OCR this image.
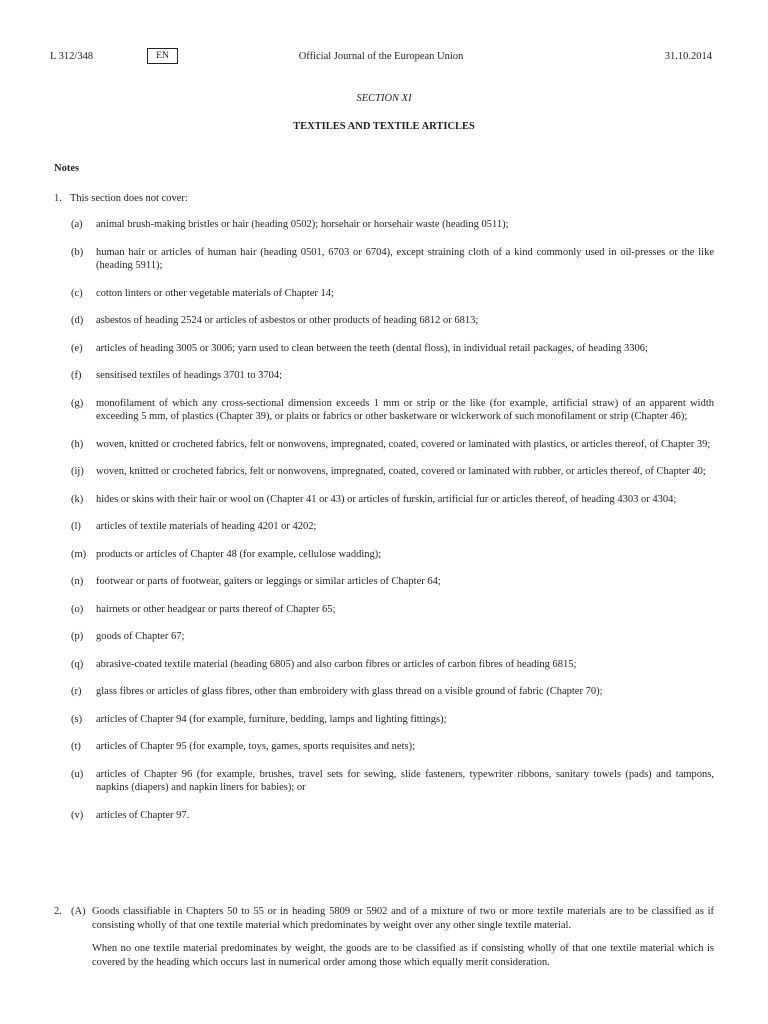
L 312/348	EN	Official Journal of the European Union	31.10.2014
SECTION XI
TEXTILES AND TEXTILE ARTICLES
Notes
1. This section does not cover:
(a) animal brush-making bristles or hair (heading 0502); horsehair or horsehair waste (heading 0511);
(b) human hair or articles of human hair (heading 0501, 6703 or 6704), except straining cloth of a kind commonly used in oil-presses or the like (heading 5911);
(c) cotton linters or other vegetable materials of Chapter 14;
(d) asbestos of heading 2524 or articles of asbestos or other products of heading 6812 or 6813;
(e) articles of heading 3005 or 3006; yarn used to clean between the teeth (dental floss), in individual retail packages, of heading 3306;
(f) sensitised textiles of headings 3701 to 3704;
(g) monofilament of which any cross-sectional dimension exceeds 1 mm or strip or the like (for example, artificial straw) of an apparent width exceeding 5 mm, of plastics (Chapter 39), or plaits or fabrics or other basketware or wickerwork of such monofilament or strip (Chapter 46);
(h) woven, knitted or crocheted fabrics, felt or nonwovens, impregnated, coated, covered or laminated with plastics, or articles thereof, of Chapter 39;
(ij) woven, knitted or crocheted fabrics, felt or nonwovens, impregnated, coated, covered or laminated with rubber, or articles thereof, of Chapter 40;
(k) hides or skins with their hair or wool on (Chapter 41 or 43) or articles of furskin, artificial fur or articles thereof, of heading 4303 or 4304;
(l) articles of textile materials of heading 4201 or 4202;
(m) products or articles of Chapter 48 (for example, cellulose wadding);
(n) footwear or parts of footwear, gaiters or leggings or similar articles of Chapter 64;
(o) hairnets or other headgear or parts thereof of Chapter 65;
(p) goods of Chapter 67;
(q) abrasive-coated textile material (heading 6805) and also carbon fibres or articles of carbon fibres of heading 6815;
(r) glass fibres or articles of glass fibres, other than embroidery with glass thread on a visible ground of fabric (Chapter 70);
(s) articles of Chapter 94 (for example, furniture, bedding, lamps and lighting fittings);
(t) articles of Chapter 95 (for example, toys, games, sports requisites and nets);
(u) articles of Chapter 96 (for example, brushes, travel sets for sewing, slide fasteners, typewriter ribbons, sanitary towels (pads) and tampons, napkins (diapers) and napkin liners for babies); or
(v) articles of Chapter 97.
2. (A) Goods classifiable in Chapters 50 to 55 or in heading 5809 or 5902 and of a mixture of two or more textile materials are to be classified as if consisting wholly of that one textile material which predominates by weight over any other single textile material.
When no one textile material predominates by weight, the goods are to be classified as if consisting wholly of that one textile material which is covered by the heading which occurs last in numerical order among those which equally merit consideration.
